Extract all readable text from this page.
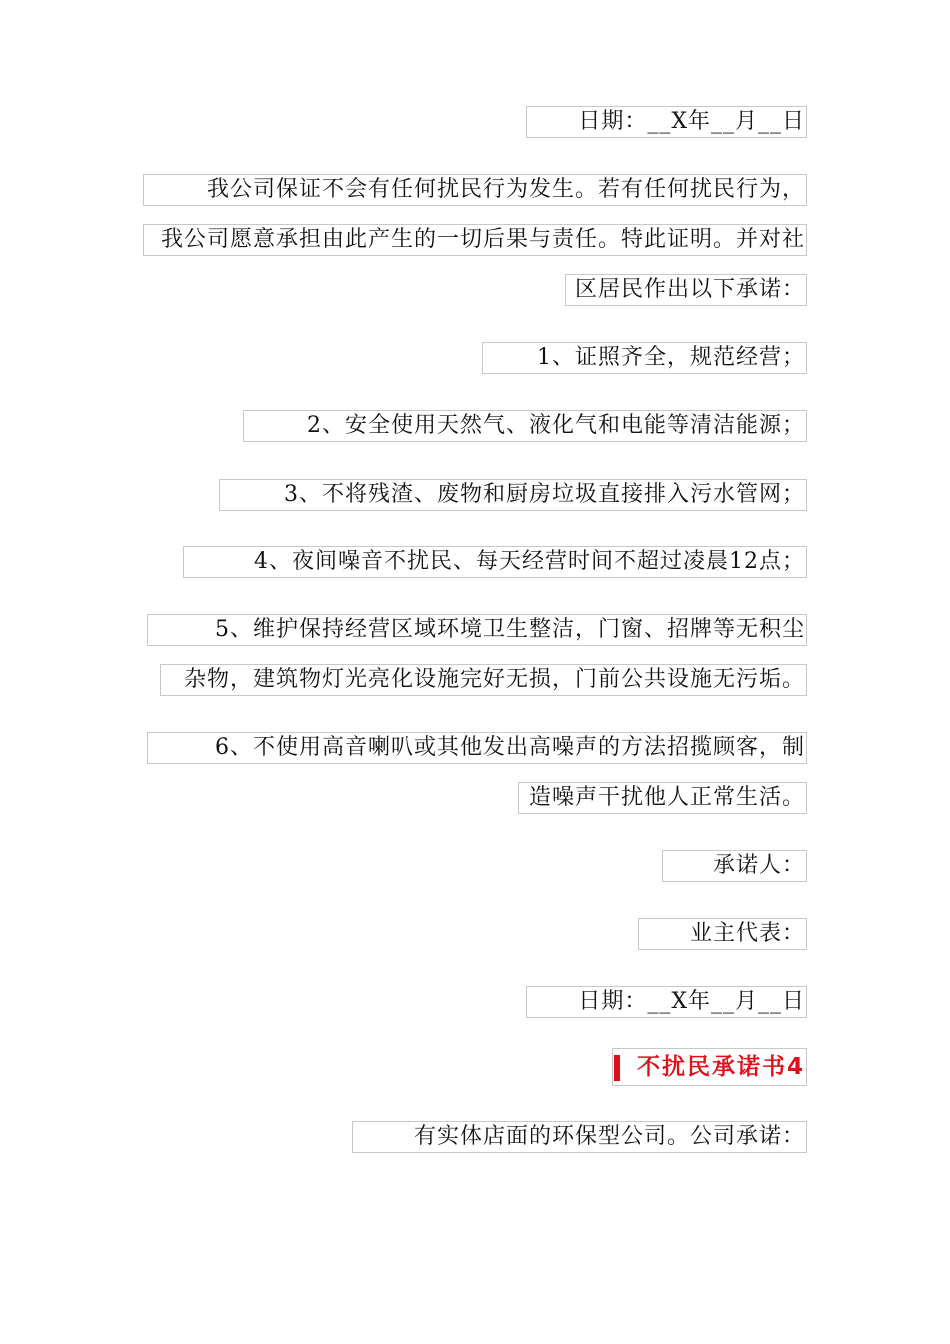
日期：__X年__月__日
我公司保证不会有任何扰民行为发生。若有任何扰民行为，
我公司愿意承担由此产生的一切后果与责任。特此证明。并对社
区居民作出以下承诺：
1、证照齐全，规范经营；
2、安全使用天然气、液化气和电能等清洁能源；
3、不将残渣、废物和厨房垃圾直接排入污水管网；
4、夜间噪音不扰民、每天经营时间不超过凌晨12点；
5、维护保持经营区域环境卫生整洁，门窗、招牌等无积尘
杂物，建筑物灯光亮化设施完好无损，门前公共设施无污垢。
6、不使用高音喇叭或其他发出高噪声的方法招揽顾客，制
造噪声干扰他人正常生活。
承诺人：
业主代表：
日期：__X年__月__日
不扰民承诺书4
有实体店面的环保型公司。公司承诺：
